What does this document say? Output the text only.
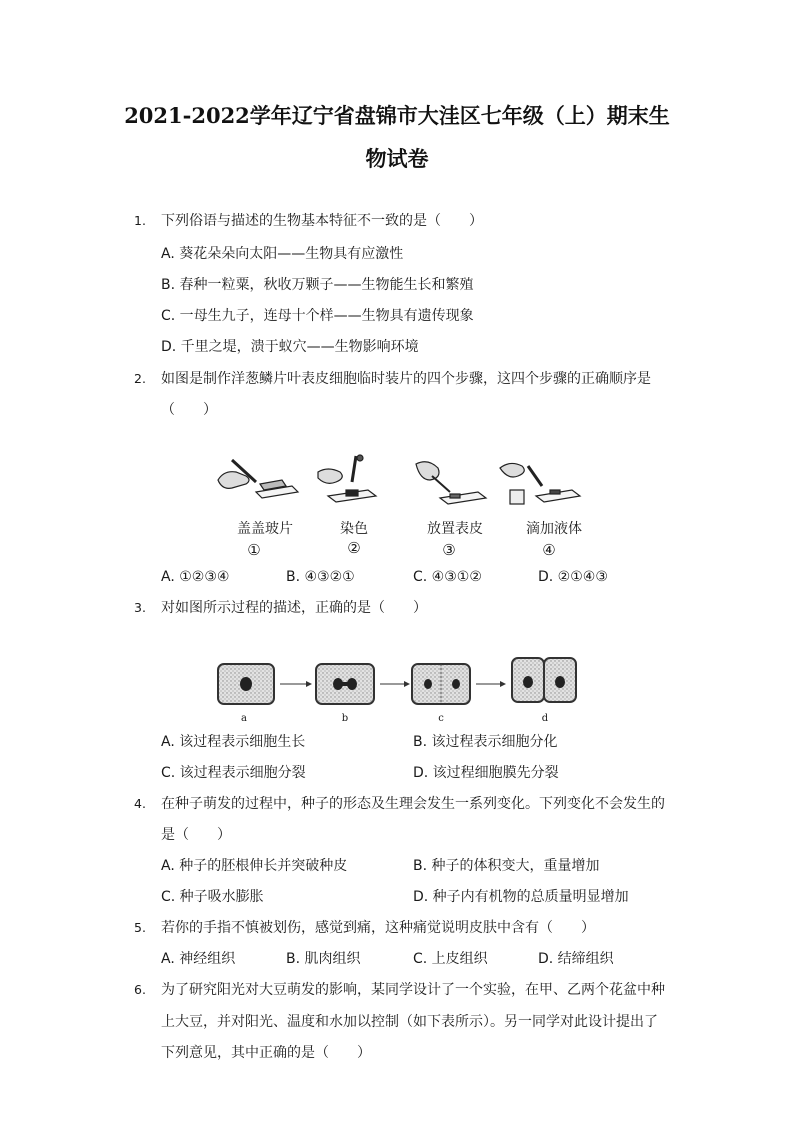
2021-2022学年辽宁省盘锦市大洼区七年级（上）期末生
物试卷
1. 下列俗语与描述的生物基本特征不一致的是（　　）
A. 葵花朵朵向太阳——生物具有应激性
B. 春种一粒粟，秋收万颗子——生物能生长和繁殖
C. 一母生九子，连母十个样——生物具有遗传现象
D. 千里之堤，溃于蚁穴——生物影响环境
2. 如图是制作洋葱鳞片叶表皮细胞临时装片的四个步骤，这四个步骤的正确顺序是
（　　）
盖盖玻片	染色	放置表皮	滴加液体
①	②	③	④
A. ①②③④	B. ④③②①	C. ④③①②	D. ②①④③
3. 对如图所示过程的描述，正确的是（　　）
a	b	c	d
A. 该过程表示细胞生长	B. 该过程表示细胞分化
C. 该过程表示细胞分裂	D. 该过程细胞膜先分裂
4. 在种子萌发的过程中，种子的形态及生理会发生一系列变化。下列变化不会发生的
是（　　）
A. 种子的胚根伸长并突破种皮	B. 种子的体积变大，重量增加
C. 种子吸水膨胀	D. 种子内有机物的总质量明显增加
5. 若你的手指不慎被划伤，感觉到痛，这种痛觉说明皮肤中含有（　　）
A. 神经组织	B. 肌肉组织	C. 上皮组织	D. 结缔组织
6. 为了研究阳光对大豆萌发的影响，某同学设计了一个实验，在甲、乙两个花盆中种
上大豆，并对阳光、温度和水加以控制（如下表所示）。另一同学对此设计提出了
下列意见，其中正确的是（　　）
